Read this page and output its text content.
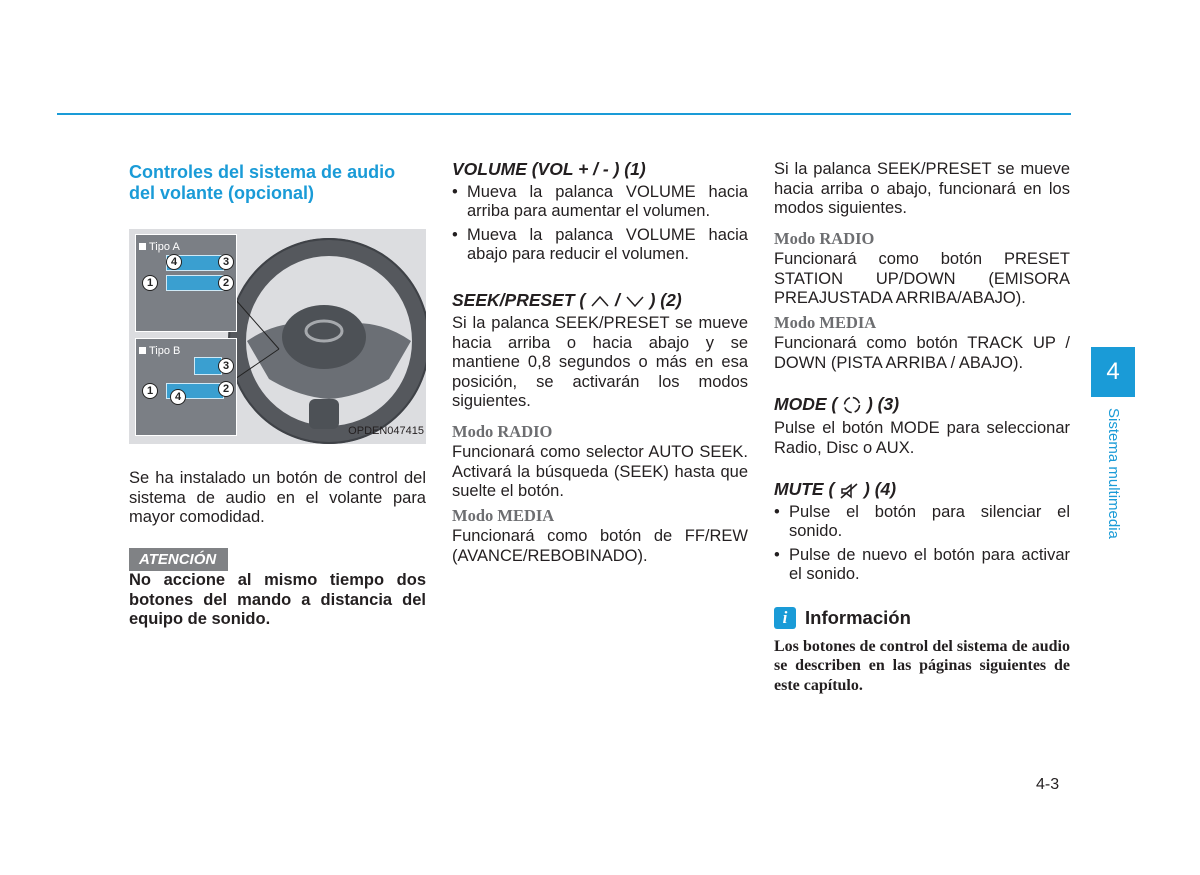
Controles del sistema de audio del volante (opcional)
Tipo A
4	3
1	2
Tipo B
3
1	4
2
OPDEN047415

Se ha instalado un botón de control del sistema de audio en el volante para mayor comodidad.

ATENCIÓN

No accione al mismo tiempo dos botones del mando a distancia del equipo de sonido.

VOLUME (VOL + / - ) (1)

• Mueva la palanca VOLUME hacia arriba para aumentar el volumen.
• Mueva la palanca VOLUME hacia abajo para reducir el volumen.

SEEK/PRESET ( / ) (2)

Si la palanca SEEK/PRESET se mueve hacia arriba o hacia abajo y se mantiene 0,8 segundos o más en esa posición, se activarán los modos siguientes.

Modo RADIO

Funcionará como selector AUTO SEEK. Activará la búsqueda (SEEK) hasta que suelte el botón.

Modo MEDIA

Funcionará como botón de FF/REW (AVANCE/REBOBINADO).

Si la palanca SEEK/PRESET se mueve hacia arriba o abajo, funcionará en los modos siguientes.

Modo RADIO

Funcionará como botón PRESET STATION UP/DOWN (EMISORA PREAJUSTADA ARRIBA/ABAJO).

Modo MEDIA

Funcionará como botón TRACK UP / DOWN (PISTA ARRIBA / ABAJO).

MODE ( ) (3)

Pulse el botón MODE para seleccionar Radio, Disc o AUX.

MUTE ( ) (4)

• Pulse el botón para silenciar el sonido.
• Pulse de nuevo el botón para activar el sonido.
i Información

Los botones de control del sistema de audio se describen en las páginas siguientes de este capítulo.

4
Sistema multimedia
4-3
